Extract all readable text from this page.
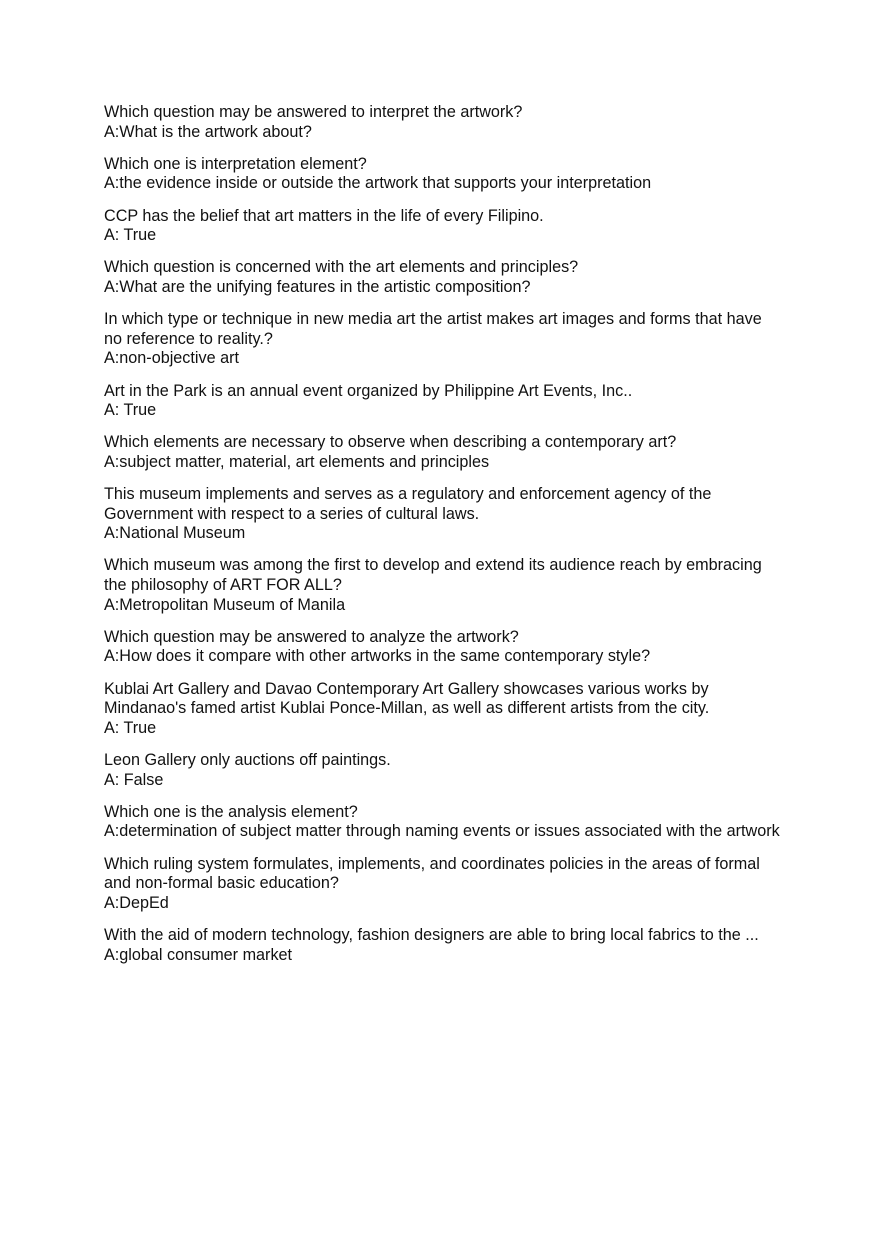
Which question may be answered to interpret the artwork?
A:What is the artwork about?
Which one is interpretation element?
A:the evidence inside or outside the artwork that supports your interpretation
CCP has the belief that art matters in the life of every Filipino.
A: True
Which question is concerned with the art elements and principles?
A:What are the unifying features in the artistic composition?
In which type or technique in new media art the artist makes art images and forms that have no reference to reality.?
A:non-objective art
Art in the Park is an annual event organized by Philippine Art Events, Inc..
A: True
Which elements are necessary to observe when describing a contemporary art?
A:subject matter, material, art elements and principles
This museum implements and serves as a regulatory and enforcement agency of the Government with respect to a series of cultural laws.
A:National Museum
Which museum was among the first to develop and extend its audience reach by embracing the philosophy of ART FOR ALL?
A:Metropolitan Museum of Manila
Which question may be answered to analyze the artwork?
A:How does it compare with other artworks in the same contemporary style?
Kublai Art Gallery and Davao Contemporary Art Gallery showcases various works by Mindanao's famed artist Kublai Ponce-Millan, as well as different artists from the city.
A: True
Leon Gallery only auctions off paintings.
A: False
Which one is the analysis element?
A:determination of subject matter through naming events or issues associated with the artwork
Which ruling system formulates, implements, and coordinates policies in the areas of formal and non-formal basic education?
A:DepEd
With the aid of modern technology, fashion designers are able to bring local fabrics to the ...
A:global consumer market
